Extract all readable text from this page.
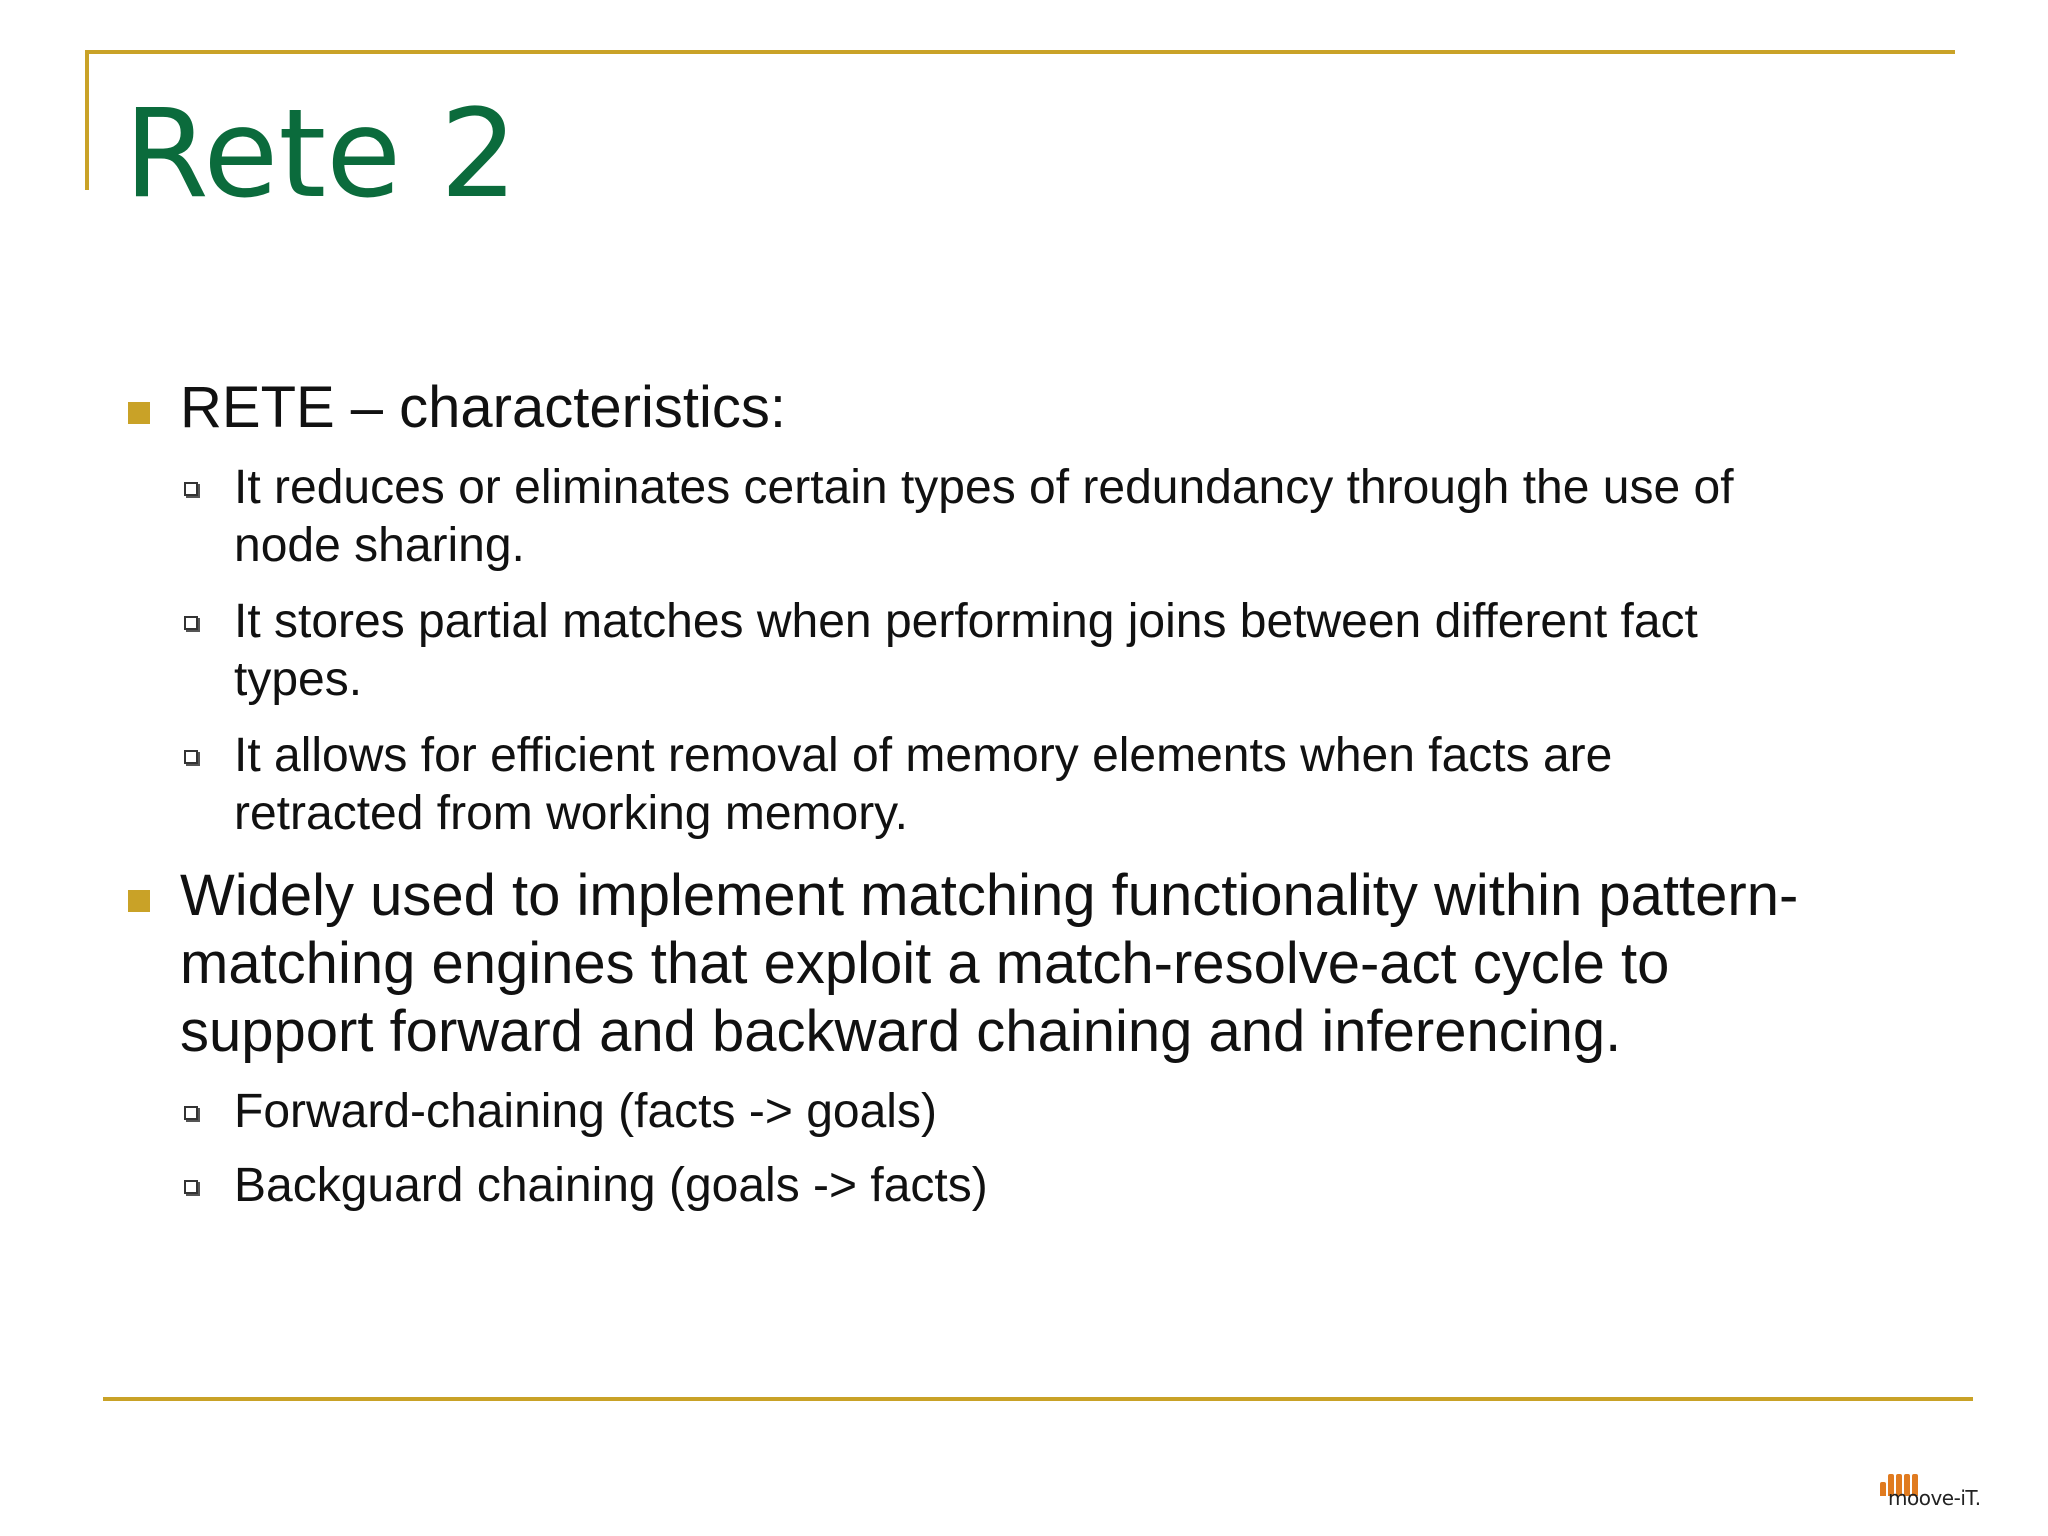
Rete 2

RETE – characteristics:

It reduces or eliminates certain types of redundancy through the use of

node sharing.

It stores partial matches when performing joins between different fact

types.

It allows for efficient removal of memory elements when facts are

retracted from working memory.

Widely used to implement matching functionality within pattern-

matching engines that exploit a match-resolve-act cycle to

support forward and backward chaining and inferencing.

Forward-chaining (facts -> goals)

Backguard chaining (goals -> facts)

moove-iT.
